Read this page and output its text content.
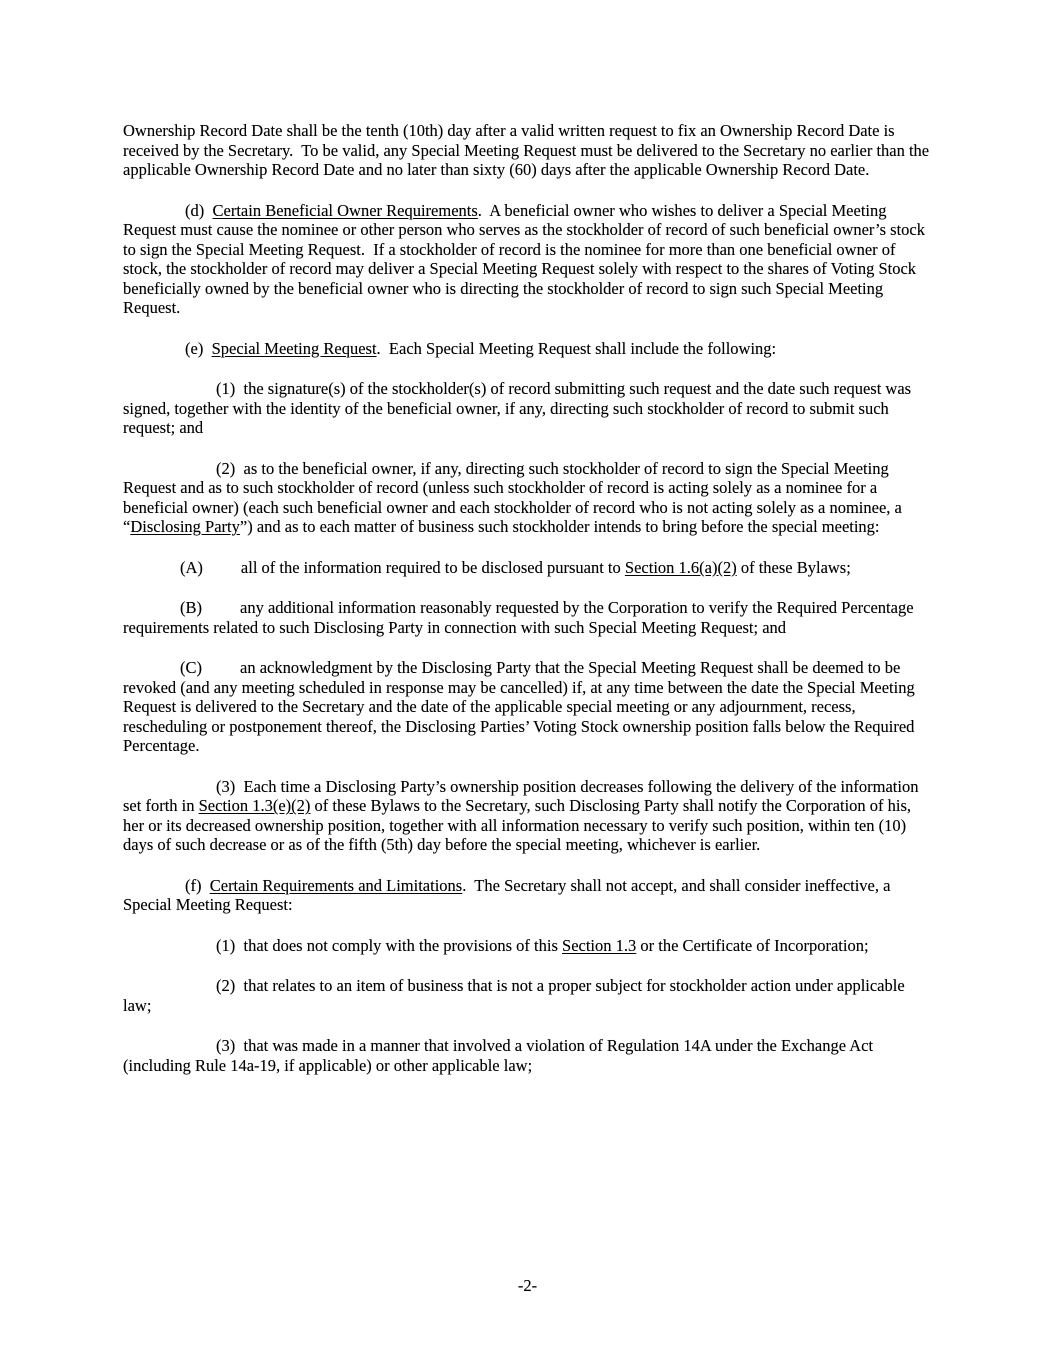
Ownership Record Date shall be the tenth (10th) day after a valid written request to fix an Ownership Record Date is received by the Secretary.  To be valid, any Special Meeting Request must be delivered to the Secretary no earlier than the applicable Ownership Record Date and no later than sixty (60) days after the applicable Ownership Record Date.

(d)  Certain Beneficial Owner Requirements.  A beneficial owner who wishes to deliver a Special Meeting Request must cause the nominee or other person who serves as the stockholder of record of such beneficial owner’s stock to sign the Special Meeting Request.  If a stockholder of record is the nominee for more than one beneficial owner of stock, the stockholder of record may deliver a Special Meeting Request solely with respect to the shares of Voting Stock beneficially owned by the beneficial owner who is directing the stockholder of record to sign such Special Meeting Request.

(e)  Special Meeting Request.  Each Special Meeting Request shall include the following:

(1)  the signature(s) of the stockholder(s) of record submitting such request and the date such request was signed, together with the identity of the beneficial owner, if any, directing such stockholder of record to submit such request; and

(2)  as to the beneficial owner, if any, directing such stockholder of record to sign the Special Meeting Request and as to such stockholder of record (unless such stockholder of record is acting solely as a nominee for a beneficial owner) (each such beneficial owner and each stockholder of record who is not acting solely as a nominee, a “Disclosing Party”) and as to each matter of business such stockholder intends to bring before the special meeting:

(A) all of the information required to be disclosed pursuant to Section 1.6(a)(2) of these Bylaws;

(B) any additional information reasonably requested by the Corporation to verify the Required Percentage requirements related to such Disclosing Party in connection with such Special Meeting Request; and

(C) an acknowledgment by the Disclosing Party that the Special Meeting Request shall be deemed to be revoked (and any meeting scheduled in response may be cancelled) if, at any time between the date the Special Meeting Request is delivered to the Secretary and the date of the applicable special meeting or any adjournment, recess, rescheduling or postponement thereof, the Disclosing Parties’ Voting Stock ownership position falls below the Required Percentage.

(3)  Each time a Disclosing Party’s ownership position decreases following the delivery of the information set forth in Section 1.3(e)(2) of these Bylaws to the Secretary, such Disclosing Party shall notify the Corporation of his, her or its decreased ownership position, together with all information necessary to verify such position, within ten (10) days of such decrease or as of the fifth (5th) day before the special meeting, whichever is earlier.

(f)  Certain Requirements and Limitations.  The Secretary shall not accept, and shall consider ineffective, a Special Meeting Request:

(1)  that does not comply with the provisions of this Section 1.3 or the Certificate of Incorporation;

(2)  that relates to an item of business that is not a proper subject for stockholder action under applicable law;

(3)  that was made in a manner that involved a violation of Regulation 14A under the Exchange Act (including Rule 14a-19, if applicable) or other applicable law;

-2-
